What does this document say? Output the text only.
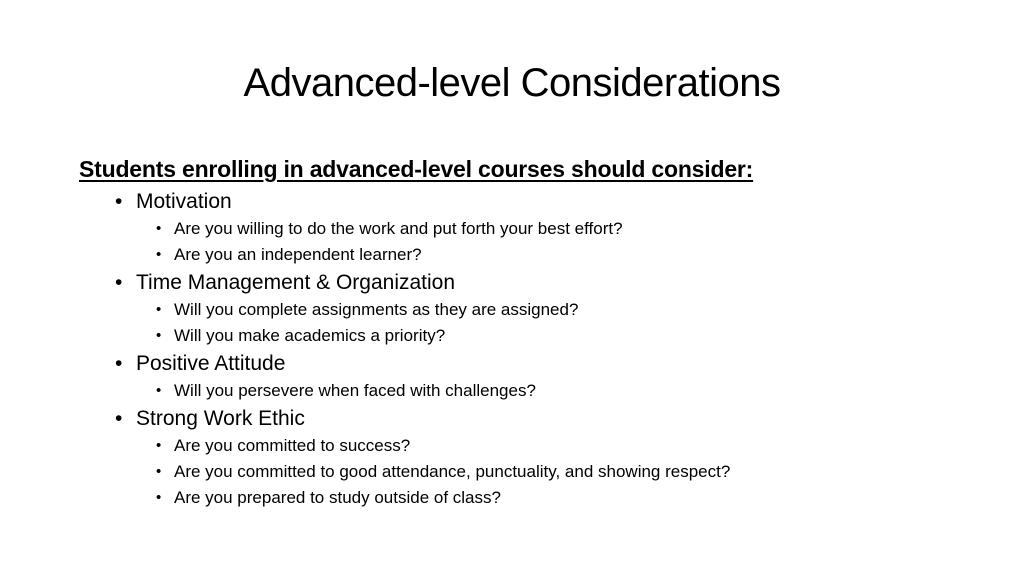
Advanced-level Considerations
Students enrolling in advanced-level courses should consider:
• Motivation
• Are you willing to do the work and put forth your best effort?
• Are you an independent learner?
• Time Management & Organization
• Will you complete assignments as they are assigned?
• Will you make academics a priority?
• Positive Attitude
• Will you persevere when faced with challenges?
• Strong Work Ethic
• Are you committed to success?
• Are you committed to good attendance, punctuality, and showing respect?
• Are you prepared to study outside of class?
